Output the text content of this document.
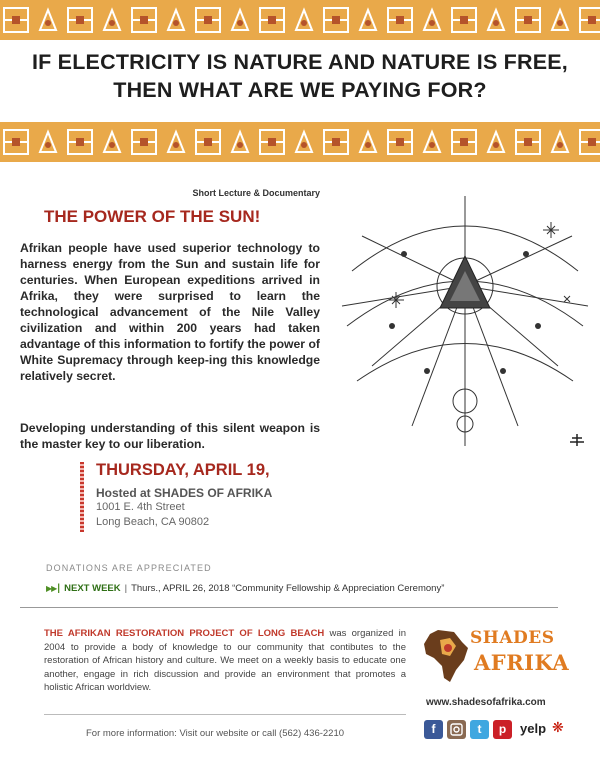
IF ELECTRICITY IS NATURE AND NATURE IS FREE, THEN WHAT ARE WE PAYING FOR?
Short Lecture & Documentary
THE POWER OF THE SUN!

Afrikan people have used superior technology to harness energy from the Sun and sustain life for centuries. When European expeditions arrived in Afrika, they were surprised to learn the technological advancement of the Nile Valley civilization and within 200 years had taken advantage of this information to fortify the power of White Supremacy through keep-ing this knowledge relatively secret.

Developing understanding of this silent weapon is the master key to our liberation.

THURSDAY, APRIL 19,
Hosted at SHADES OF AFRIKA
1001 E. 4th Street
Long Beach, CA 90802
DONATIONS ARE APPRECIATED
▶▶┃ NEXT WEEK | Thurs., APRIL 26, 2018 “Community Fellowship & Appreciation Ceremony”

THE AFRIKAN RESTORATION PROJECT OF LONG BEACH was organized in 2004 to provide a body of knowledge to our community that contibutes to the restoration of African history and culture. We meet on a weekly basis to educate one another, engage in rich discussion and provide an environment that promotes a holistic African worldview.

For more information: Visit our website or call (562) 436-2210
SHADES
AFRIKA
www.shadesofafrika.com
f	t	p	yelp ❋
